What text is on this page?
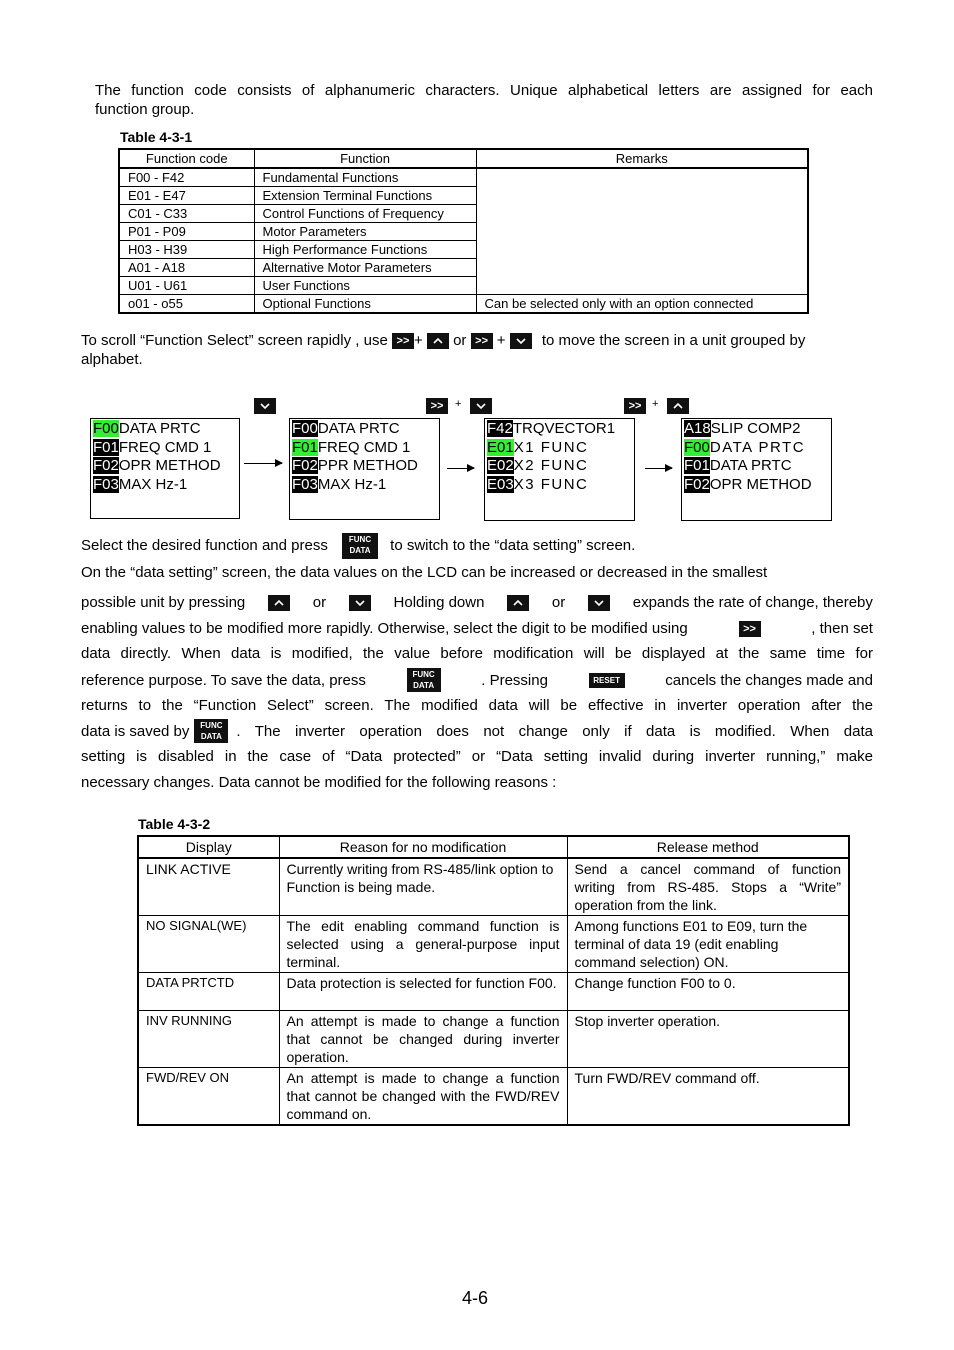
The function code consists of alphanumeric characters. Unique alphabetical letters are assigned for each
function group.
Table 4-3-1
Function code	Function	Remarks
F00 - F42	Fundamental Functions	
E01 - E47	Extension Terminal Functions	
C01 - C33	Control Functions of Frequency	
P01 - P09	Motor Parameters	
H03 - H39	High Performance Functions	
A01 - A18	Alternative Motor Parameters	
U01 - U61	User Functions	
o01 - o55	Optional Functions	Can be selected only with an option connected
To scroll “Function Select” screen rapidly , use >> + or >> + to move the screen in a unit grouped by
alphabet.
>>	+	>> +
F00DATA PRTC
F01FREQ CMD 1
F02OPR METHOD
F03MAX Hz-1
F00DATA PRTC
F01FREQ CMD 1
F02PPR METHOD
F03MAX Hz-1
F42TRQVECTOR1
E01X1 FUNC
E02X2 FUNC
E03X3 FUNC
A18SLIP COMP2
F00DATA PRTC
F01DATA PRTC
F02OPR METHOD
Select the desired function and press	FUNC
DATA to switch to the “data setting” screen.
On the “data setting” screen, the data values on the LCD can be increased or decreased in the smallest
possible unit by pressing	or	Holding down	or	expands the rate of change, thereby
enabling values to be modified more rapidly. Otherwise, select the digit to be modified using	>>	, then set
data directly. When data is modified, the value before modification will be displayed at the same time for
reference purpose. To save the data, press	FUNC
DATA	. Pressing	RESET	cancels the changes made and
returns to the “Function Select” screen. The modified data will be effective in inverter operation after the
data is saved by	FUNC
DATA . The inverter operation does not change only if data is modified. When data
setting is disabled in the case of “Data protected” or “Data setting invalid during inverter running,” make
necessary changes. Data cannot be modified for the following reasons :
Table 4-3-2
Display	Reason for no modification	Release method
LINK ACTIVE	Currently writing from RS-485/link option to Function is being made.	Send a cancel command of function writing from RS-485. Stops a “Write” operation from the link.
NO SIGNAL(WE)	The edit enabling command function is selected using a general-purpose input terminal.	Among functions E01 to E09, turn the terminal of data 19 (edit enabling command selection) ON.
DATA PRTCTD	Data protection is selected for function F00.	Change function F00 to 0.
INV RUNNING	An attempt is made to change a function that cannot be changed during inverter operation.	Stop inverter operation.
FWD/REV ON	An attempt is made to change a function that cannot be changed with the FWD/REV command on.	Turn FWD/REV command off.
4-6
